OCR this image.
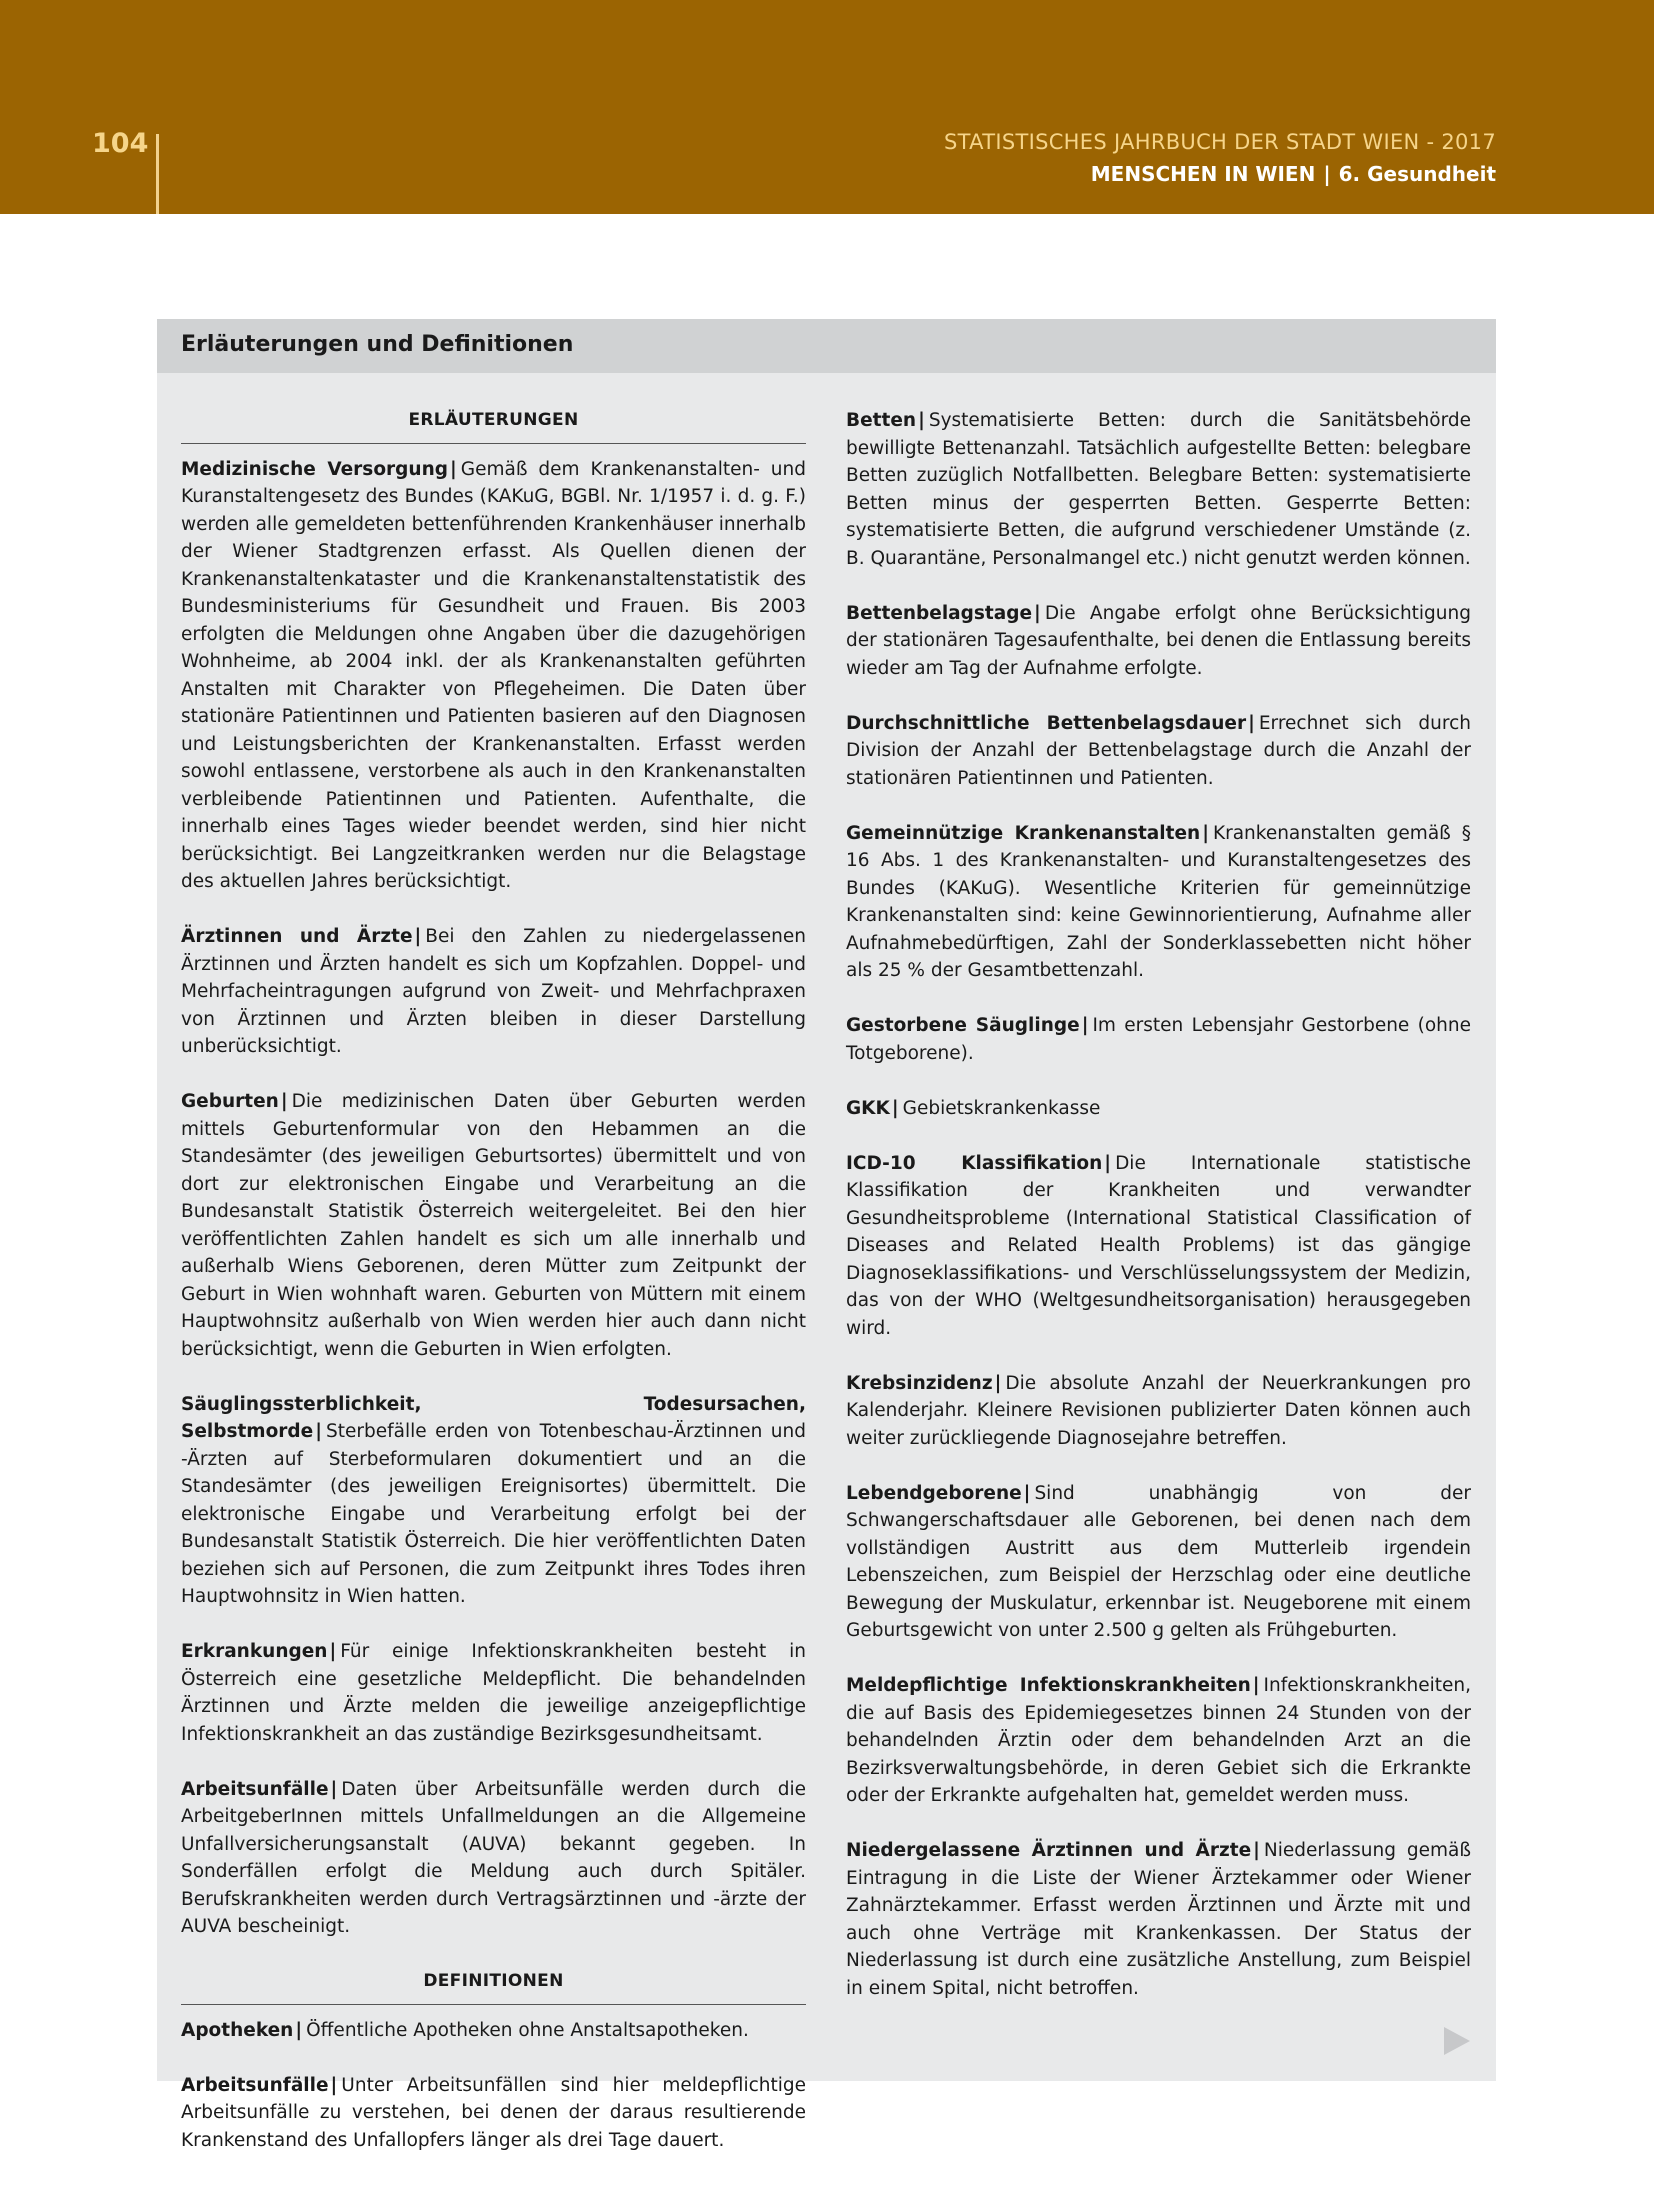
104	STATISTISCHES JAHRBUCH DER STADT WIEN - 2017
MENSCHEN IN WIEN | 6. Gesundheit
Erläuterungen und Definitionen
ERLÄUTERUNGEN

Medizinische Versorgung | Gemäß dem Krankenanstalten- und Kuranstaltengesetz des Bundes (KAKuG, BGBl. Nr. 1/1957 i. d. g. F.) werden alle gemeldeten bettenführenden Krankenhäuser innerhalb der Wiener Stadtgrenzen erfasst. Als Quellen dienen der Krankenanstaltenkataster und die Krankenanstaltenstatistik des Bundesministeriums für Gesundheit und Frauen. Bis 2003 erfolgten die Meldungen ohne Angaben über die dazugehörigen Wohnheime, ab 2004 inkl. der als Krankenanstalten geführten Anstalten mit Charakter von Pflegeheimen. Die Daten über stationäre Patientinnen und Patienten basieren auf den Diagnosen und Leistungsberichten der Krankenanstalten. Erfasst werden sowohl entlassene, verstorbene als auch in den Krankenanstalten verbleibende Patientinnen und Patienten. Aufenthalte, die innerhalb eines Tages wieder beendet werden, sind hier nicht berücksichtigt. Bei Langzeitkranken werden nur die Belagstage des aktuellen Jahres berücksichtigt.

Ärztinnen und Ärzte | Bei den Zahlen zu niedergelassenen Ärztinnen und Ärzten handelt es sich um Kopfzahlen. Doppel- und Mehrfacheintragungen aufgrund von Zweit- und Mehrfachpraxen von Ärztinnen und Ärzten bleiben in dieser Darstellung unberücksichtigt.

Geburten | Die medizinischen Daten über Geburten werden mittels Geburtenformular von den Hebammen an die Standesämter (des jeweiligen Geburtsortes) übermittelt und von dort zur elektronischen Eingabe und Verarbeitung an die Bundesanstalt Statistik Österreich weitergeleitet. Bei den hier veröffentlichten Zahlen handelt es sich um alle innerhalb und außerhalb Wiens Geborenen, deren Mütter zum Zeitpunkt der Geburt in Wien wohnhaft waren. Geburten von Müttern mit einem Hauptwohnsitz außerhalb von Wien werden hier auch dann nicht berücksichtigt, wenn die Geburten in Wien erfolgten.

Säuglingssterblichkeit, Todesursachen, Selbstmorde | Sterbefälle erden von Totenbeschau-Ärztinnen und -Ärzten auf Sterbeformularen dokumentiert und an die Standesämter (des jeweiligen Ereignisortes) übermittelt. Die elektronische Eingabe und Verarbeitung erfolgt bei der Bundesanstalt Statistik Österreich. Die hier veröffentlichten Daten beziehen sich auf Personen, die zum Zeitpunkt ihres Todes ihren Hauptwohnsitz in Wien hatten.

Erkrankungen | Für einige Infektionskrankheiten besteht in Österreich eine gesetzliche Meldepflicht. Die behandelnden Ärztinnen und Ärzte melden die jeweilige anzeigepflichtige Infektionskrankheit an das zuständige Bezirksgesundheitsamt.

Arbeitsunfälle | Daten über Arbeitsunfälle werden durch die ArbeitgeberInnen mittels Unfallmeldungen an die Allgemeine Unfallversicherungsanstalt (AUVA) bekannt gegeben. In Sonderfällen erfolgt die Meldung auch durch Spitäler. Berufskrankheiten werden durch Vertragsärztinnen und -ärzte der AUVA bescheinigt.

DEFINITIONEN

Apotheken | Öffentliche Apotheken ohne Anstaltsapotheken.

Arbeitsunfälle | Unter Arbeitsunfällen sind hier meldepflichtige Arbeitsunfälle zu verstehen, bei denen der daraus resultierende Krankenstand des Unfallopfers länger als drei Tage dauert.

Betten | Systematisierte Betten: durch die Sanitätsbehörde bewilligte Bettenanzahl. Tatsächlich aufgestellte Betten: belegbare Betten zuzüglich Notfallbetten. Belegbare Betten: systematisierte Betten minus der gesperrten Betten. Gesperrte Betten: systematisierte Betten, die aufgrund verschiedener Umstände (z. B. Quarantäne, Personalmangel etc.) nicht genutzt werden können.

Bettenbelagstage | Die Angabe erfolgt ohne Berücksichtigung der stationären Tagesaufenthalte, bei denen die Entlassung bereits wieder am Tag der Aufnahme erfolgte.

Durchschnittliche Bettenbelagsdauer | Errechnet sich durch Division der Anzahl der Bettenbelagstage durch die Anzahl der stationären Patientinnen und Patienten.

Gemeinnützige Krankenanstalten | Krankenanstalten gemäß § 16 Abs. 1 des Krankenanstalten- und Kuranstaltengesetzes des Bundes (KAKuG). Wesentliche Kriterien für gemeinnützige Krankenanstalten sind: keine Gewinnorientierung, Aufnahme aller Aufnahmebedürftigen, Zahl der Sonderklassebetten nicht höher als 25 % der Gesamtbettenzahl.

Gestorbene Säuglinge | Im ersten Lebensjahr Gestorbene (ohne Totgeborene).

GKK | Gebietskrankenkasse

ICD-10 Klassifikation | Die Internationale statistische Klassifikation der Krankheiten und verwandter Gesundheitsprobleme (International Statistical Classification of Diseases and Related Health Problems) ist das gängige Diagnoseklassifikations- und Verschlüsselungssystem der Medizin, das von der WHO (Weltgesundheitsorganisation) herausgegeben wird.

Krebsinzidenz | Die absolute Anzahl der Neuerkrankungen pro Kalenderjahr. Kleinere Revisionen publizierter Daten können auch weiter zurückliegende Diagnosejahre betreffen.

Lebendgeborene | Sind unabhängig von der Schwangerschaftsdauer alle Geborenen, bei denen nach dem vollständigen Austritt aus dem Mutterleib irgendein Lebenszeichen, zum Beispiel der Herzschlag oder eine deutliche Bewegung der Muskulatur, erkennbar ist. Neugeborene mit einem Geburtsgewicht von unter 2.500 g gelten als Frühgeburten.

Meldepflichtige Infektionskrankheiten | Infektionskrankheiten, die auf Basis des Epidemiegesetzes binnen 24 Stunden von der behandelnden Ärztin oder dem behandelnden Arzt an die Bezirksverwaltungsbehörde, in deren Gebiet sich die Erkrankte oder der Erkrankte aufgehalten hat, gemeldet werden muss.

Niedergelassene Ärztinnen und Ärzte | Niederlassung gemäß Eintragung in die Liste der Wiener Ärztekammer oder Wiener Zahnärztekammer. Erfasst werden Ärztinnen und Ärzte mit und auch ohne Verträge mit Krankenkassen. Der Status der Niederlassung ist durch eine zusätzliche Anstellung, zum Beispiel in einem Spital, nicht betroffen.
